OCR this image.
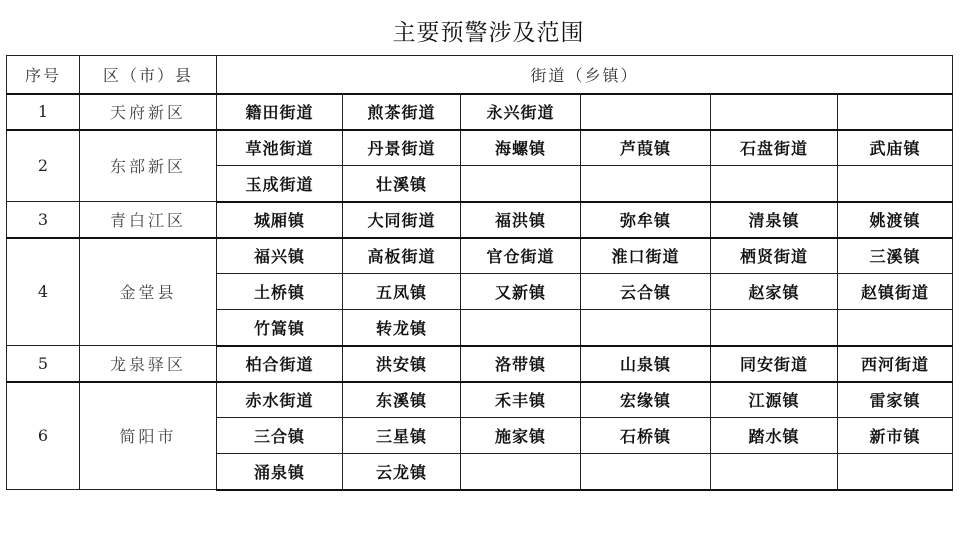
主要预警涉及范围
序号	区（市）县	街道（乡镇）					
1	天府新区	籍田街道	煎茶街道	永兴街道			
2	东部新区	草池街道	丹景街道	海螺镇	芦葭镇	石盘街道	武庙镇
		玉成街道	壮溪镇				
3	青白江区	城厢镇	大同街道	福洪镇	弥牟镇	清泉镇	姚渡镇
4	金堂县	福兴镇	高板街道	官仓街道	淮口街道	栖贤街道	三溪镇
		土桥镇	五凤镇	又新镇	云合镇	赵家镇	赵镇街道
		竹篙镇	转龙镇				
5	龙泉驿区	柏合街道	洪安镇	洛带镇	山泉镇	同安街道	西河街道
6	简阳市	赤水街道	东溪镇	禾丰镇	宏缘镇	江源镇	雷家镇
		三合镇	三星镇	施家镇	石桥镇	踏水镇	新市镇
		涌泉镇	云龙镇				
